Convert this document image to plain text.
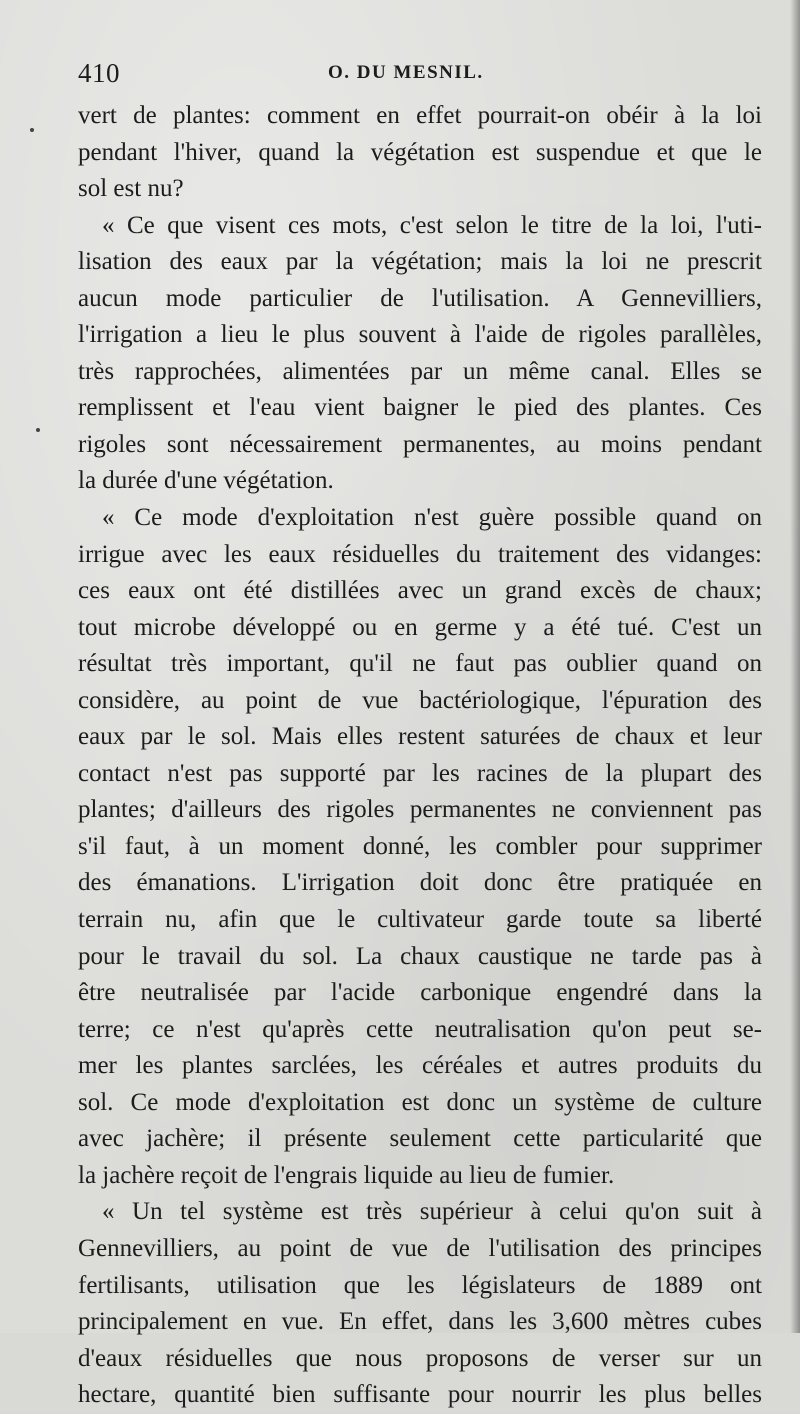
410	O. DU MESNIL.
vert de plantes: comment en effet pourrait-on obéir à la loi
pendant l'hiver, quand la végétation est suspendue et que le
sol est nu?
« Ce que visent ces mots, c'est selon le titre de la loi, l'uti-
lisation des eaux par la végétation; mais la loi ne prescrit
aucun mode particulier de l'utilisation. A Gennevilliers,
l'irrigation a lieu le plus souvent à l'aide de rigoles parallèles,
très rapprochées, alimentées par un même canal. Elles se
remplissent et l'eau vient baigner le pied des plantes. Ces
rigoles sont nécessairement permanentes, au moins pendant
la durée d'une végétation.
« Ce mode d'exploitation n'est guère possible quand on
irrigue avec les eaux résiduelles du traitement des vidanges:
ces eaux ont été distillées avec un grand excès de chaux;
tout microbe développé ou en germe y a été tué. C'est un
résultat très important, qu'il ne faut pas oublier quand on
considère, au point de vue bactériologique, l'épuration des
eaux par le sol. Mais elles restent saturées de chaux et leur
contact n'est pas supporté par les racines de la plupart des
plantes; d'ailleurs des rigoles permanentes ne conviennent pas
s'il faut, à un moment donné, les combler pour supprimer
des émanations. L'irrigation doit donc être pratiquée en
terrain nu, afin que le cultivateur garde toute sa liberté
pour le travail du sol. La chaux caustique ne tarde pas à
être neutralisée par l'acide carbonique engendré dans la
terre; ce n'est qu'après cette neutralisation qu'on peut se-
mer les plantes sarclées, les céréales et autres produits du
sol. Ce mode d'exploitation est donc un système de culture
avec jachère; il présente seulement cette particularité que
la jachère reçoit de l'engrais liquide au lieu de fumier.
« Un tel système est très supérieur à celui qu'on suit à
Gennevilliers, au point de vue de l'utilisation des principes
fertilisants, utilisation que les législateurs de 1889 ont
principalement en vue. En effet, dans les 3,600 mètres cubes
d'eaux résiduelles que nous proposons de verser sur un
hectare, quantité bien suffisante pour nourrir les plus belles
